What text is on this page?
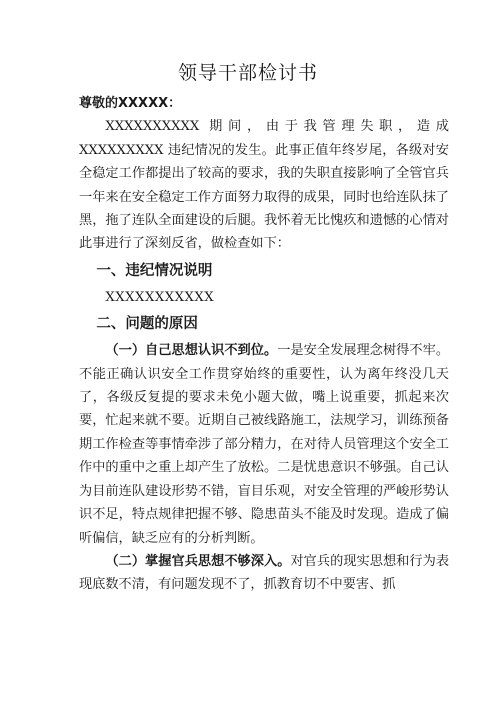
领导干部检讨书

尊敬的XXXXX：

XXXXXXXXXX 期间，由于我管理失职，造成 XXXXXXXXX 违纪情况的发生。此事正值年终岁尾，各级对安全稳定工作都提出了较高的要求，我的失职直接影响了全管官兵一年来在安全稳定工作方面努力取得的成果，同时也给连队抹了黑，拖了连队全面建设的后腿。我怀着无比愧疚和遗憾的心情对此事进行了深刻反省，做检查如下：

一、违纪情况说明

XXXXXXXXXXX

二、问题的原因

（一）自己思想认识不到位。一是安全发展理念树得不牢。不能正确认识安全工作贯穿始终的重要性，认为离年终没几天了，各级反复提的要求未免小题大做，嘴上说重要，抓起来次要，忙起来就不要。近期自己被线路施工，法规学习，训练预备期工作检查等事情牵涉了部分精力，在对待人员管理这个安全工作中的重中之重上却产生了放松。二是忧患意识不够强。自己认为目前连队建设形势不错，盲目乐观，对安全管理的严峻形势认识不足，特点规律把握不够、隐患苗头不能及时发现。造成了偏听偏信，缺乏应有的分析判断。

（二）掌握官兵思想不够深入。对官兵的现实思想和行为表现底数不清，有问题发现不了，抓教育切不中要害、抓
